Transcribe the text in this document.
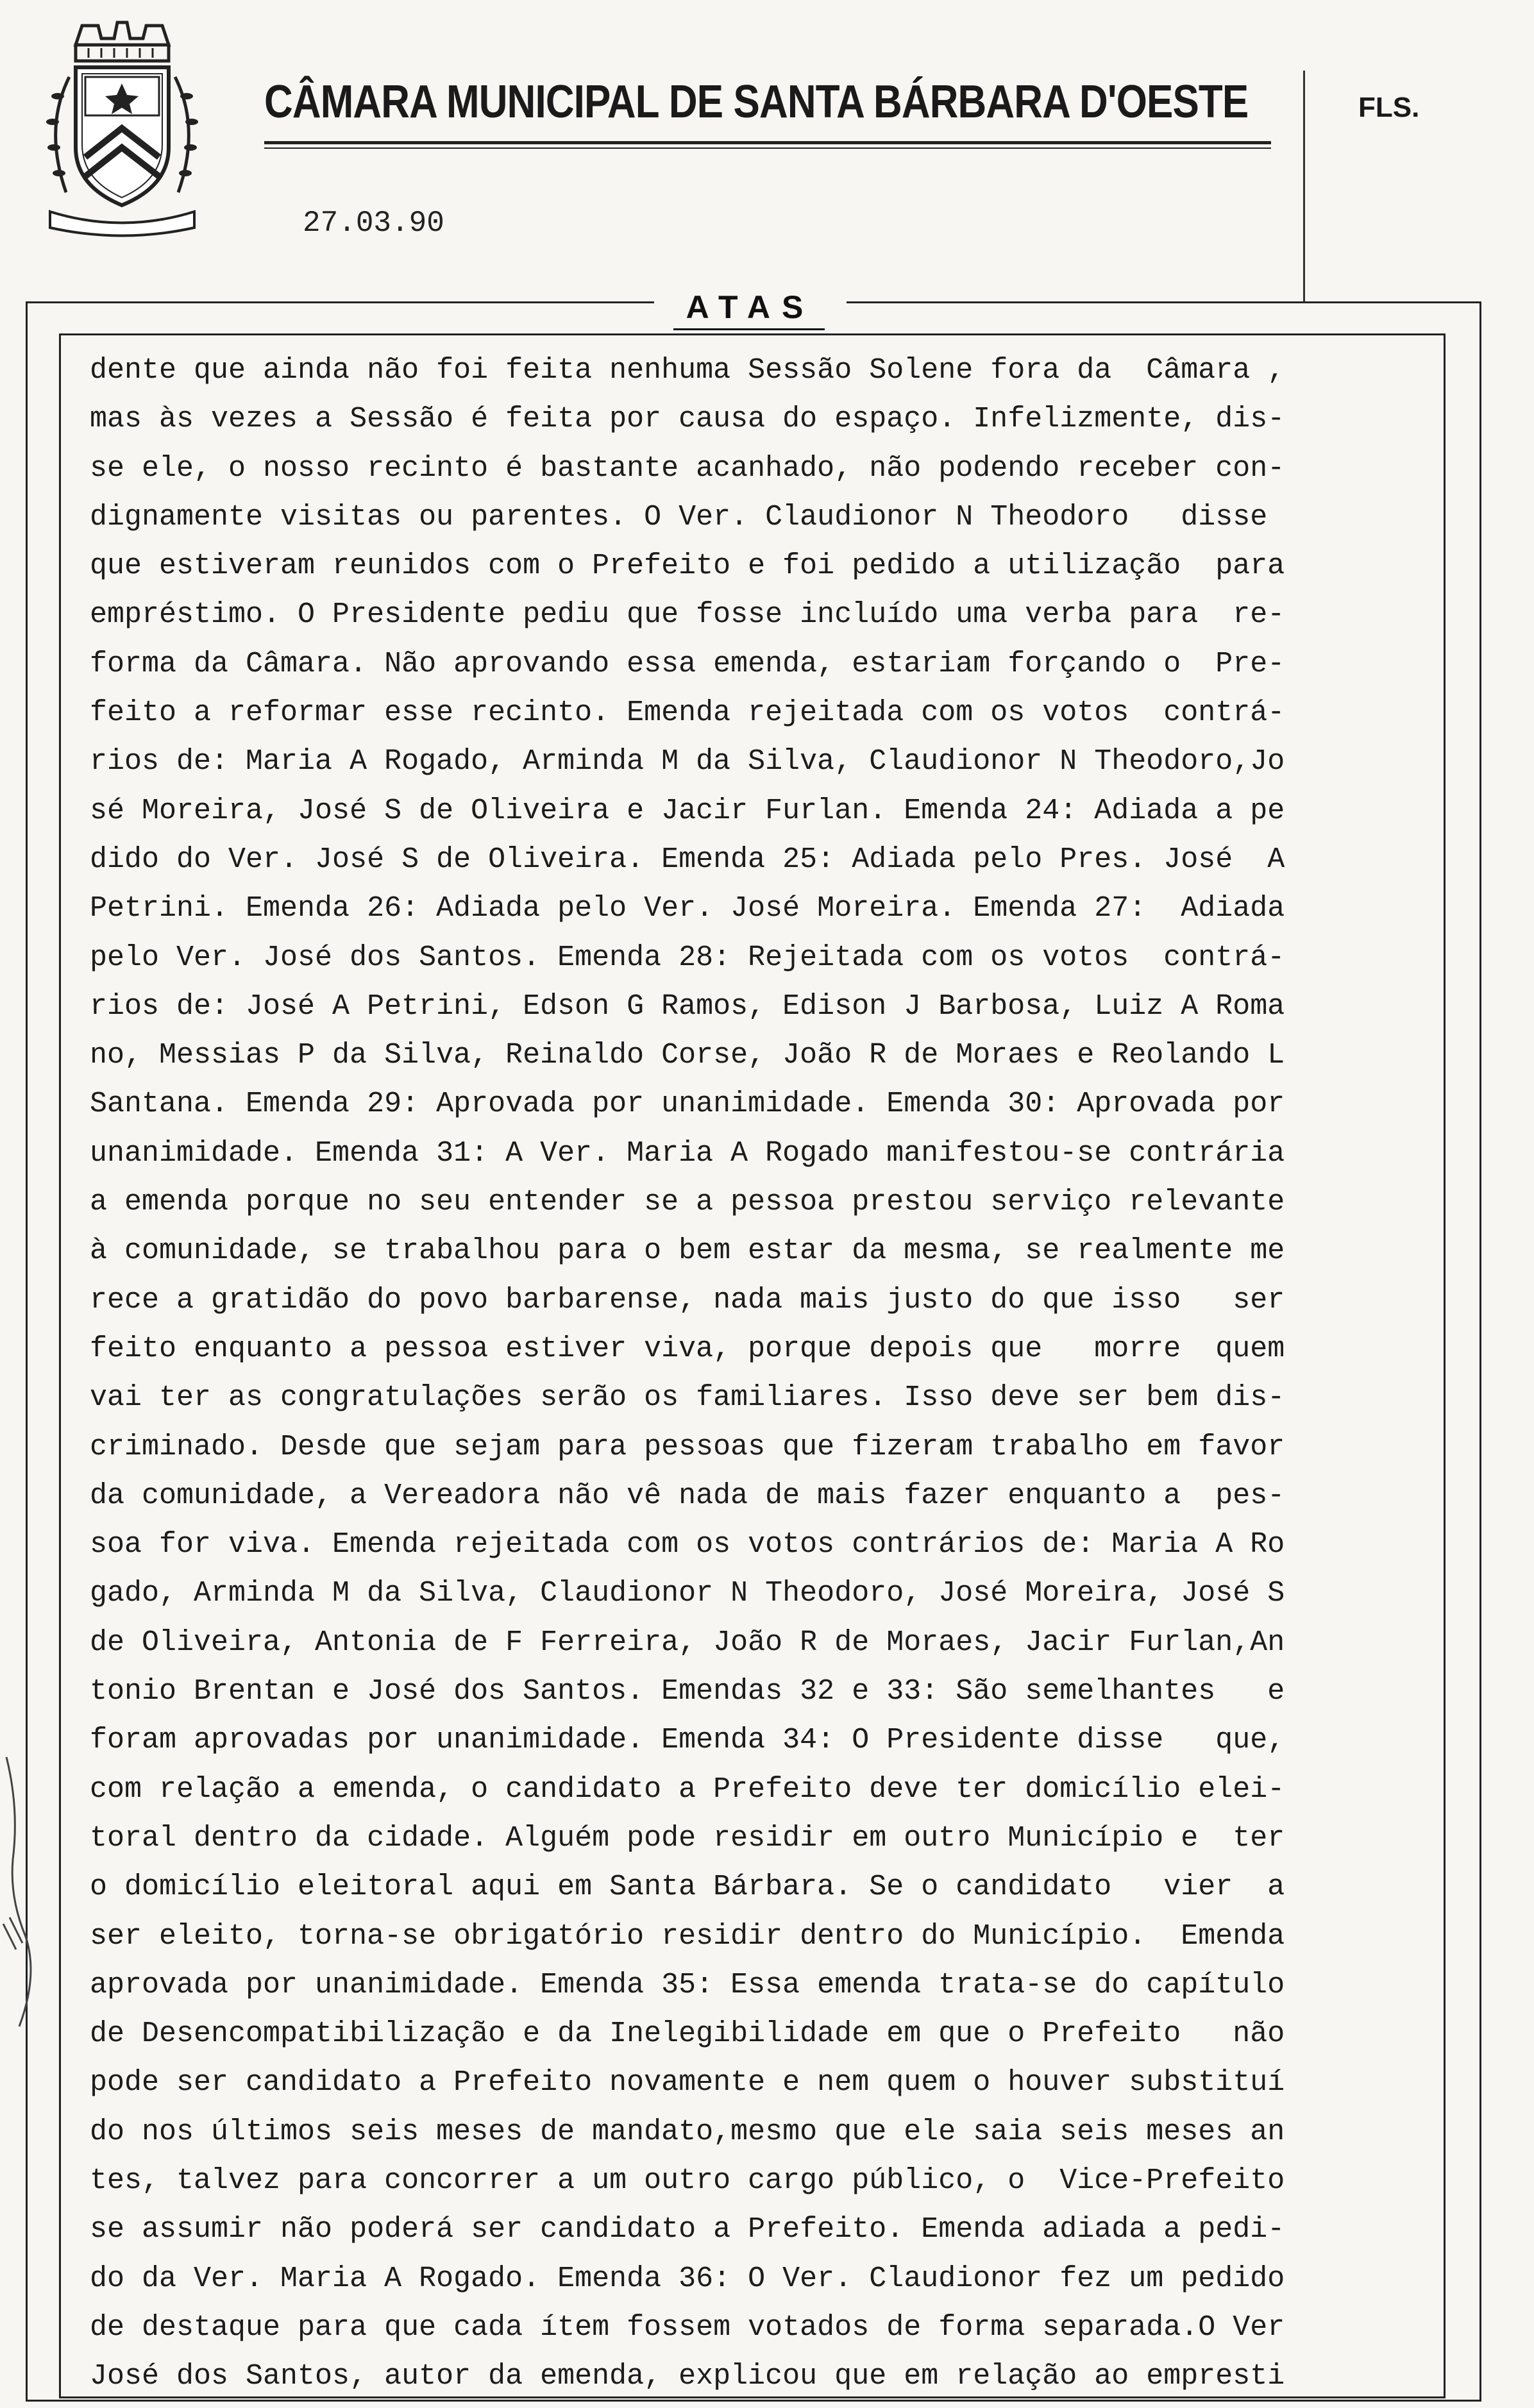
CÂMARA MUNICIPAL DE SANTA BÁRBARA D'OESTE	FLS.
27.03.90
ATAS
dente que ainda não foi feita nenhuma Sessão Solene fora da  Câmara ,
mas às vezes a Sessão é feita por causa do espaço. Infelizmente, dis-
se ele, o nosso recinto é bastante acanhado, não podendo receber con-
dignamente visitas ou parentes. O Ver. Claudionor N Theodoro   disse
que estiveram reunidos com o Prefeito e foi pedido a utilização  para
empréstimo. O Presidente pediu que fosse incluído uma verba para  re-
forma da Câmara. Não aprovando essa emenda, estariam forçando o  Pre-
feito a reformar esse recinto. Emenda rejeitada com os votos  contrá-
rios de: Maria A Rogado, Arminda M da Silva, Claudionor N Theodoro,Jo
sé Moreira, José S de Oliveira e Jacir Furlan. Emenda 24: Adiada a pe
dido do Ver. José S de Oliveira. Emenda 25: Adiada pelo Pres. José  A
Petrini. Emenda 26: Adiada pelo Ver. José Moreira. Emenda 27:  Adiada
pelo Ver. José dos Santos. Emenda 28: Rejeitada com os votos  contrá-
rios de: José A Petrini, Edson G Ramos, Edison J Barbosa, Luiz A Roma
no, Messias P da Silva, Reinaldo Corse, João R de Moraes e Reolando L
Santana. Emenda 29: Aprovada por unanimidade. Emenda 30: Aprovada por
unanimidade. Emenda 31: A Ver. Maria A Rogado manifestou-se contrária
a emenda porque no seu entender se a pessoa prestou serviço relevante
à comunidade, se trabalhou para o bem estar da mesma, se realmente me
rece a gratidão do povo barbarense, nada mais justo do que isso   ser
feito enquanto a pessoa estiver viva, porque depois que   morre  quem
vai ter as congratulações serão os familiares. Isso deve ser bem dis-
criminado. Desde que sejam para pessoas que fizeram trabalho em favor
da comunidade, a Vereadora não vê nada de mais fazer enquanto a  pes-
soa for viva. Emenda rejeitada com os votos contrários de: Maria A Ro
gado, Arminda M da Silva, Claudionor N Theodoro, José Moreira, José S
de Oliveira, Antonia de F Ferreira, João R de Moraes, Jacir Furlan,An
tonio Brentan e José dos Santos. Emendas 32 e 33: São semelhantes   e
foram aprovadas por unanimidade. Emenda 34: O Presidente disse   que,
com relação a emenda, o candidato a Prefeito deve ter domicílio elei-
toral dentro da cidade. Alguém pode residir em outro Município e  ter
o domicílio eleitoral aqui em Santa Bárbara. Se o candidato   vier  a
ser eleito, torna-se obrigatório residir dentro do Município.  Emenda
aprovada por unanimidade. Emenda 35: Essa emenda trata-se do capítulo
de Desencompatibilização e da Inelegibilidade em que o Prefeito   não
pode ser candidato a Prefeito novamente e nem quem o houver substituí
do nos últimos seis meses de mandato,mesmo que ele saia seis meses an
tes, talvez para concorrer a um outro cargo público, o  Vice-Prefeito
se assumir não poderá ser candidato a Prefeito. Emenda adiada a pedi-
do da Ver. Maria A Rogado. Emenda 36: O Ver. Claudionor fez um pedido
de destaque para que cada ítem fossem votados de forma separada.O Ver
José dos Santos, autor da emenda, explicou que em relação ao empresti
